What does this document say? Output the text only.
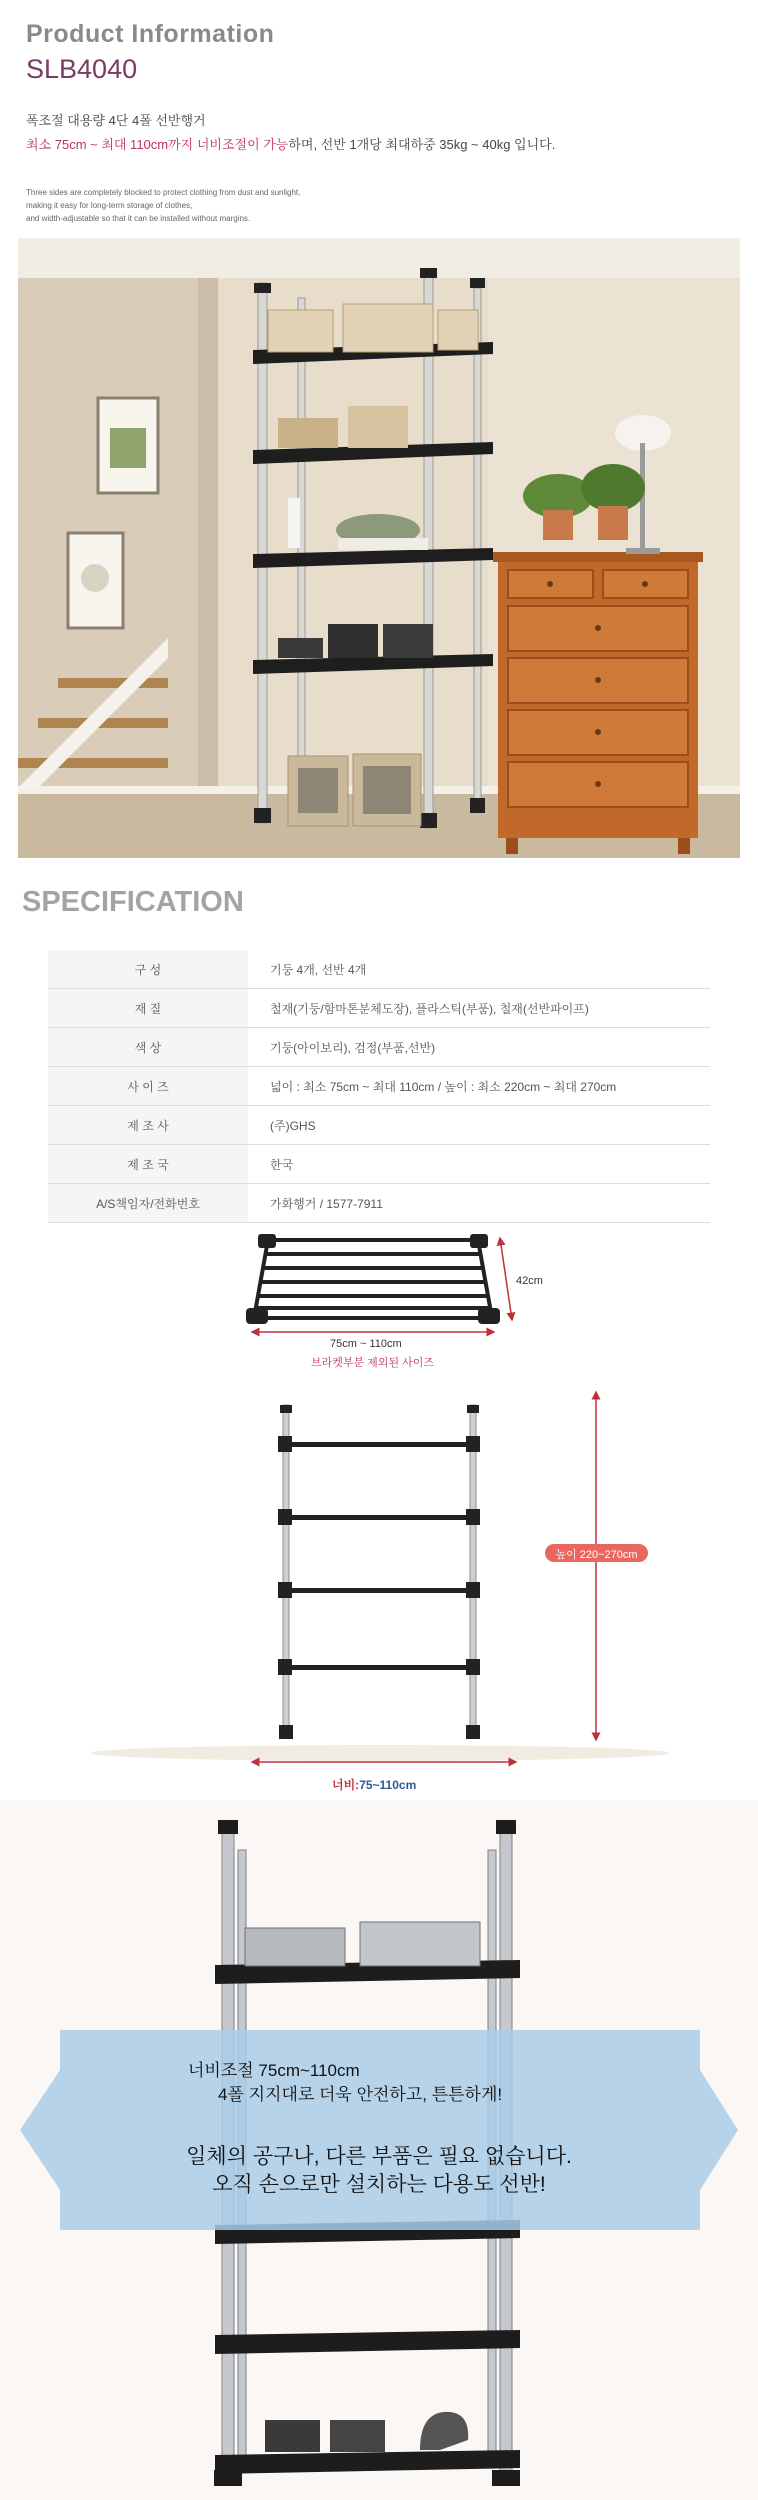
Product Information
SLB4040
폭조절 대용량 4단 4폴 선반행거
최소 75cm ~ 최대 110cm까지 너비조절이 가능하며, 선반 1개당 최대하중 35kg ~ 40kg 입니다.
Three sides are completely blocked to protect clothing from dust and sunlight,
making it easy for long-term storage of clothes,
and width-adjustable so that it can be installed without margins.
SPECIFICATION
구 성	기둥 4개, 선반 4개
재 질	철재(기둥/함마톤분체도장), 플라스틱(부품), 철재(선반파이프)
색 상	기둥(아이보리), 검정(부품,선반)
사 이 즈	넓이 : 최소 75cm ~ 최대 110cm / 높이 : 최소 220cm ~ 최대 270cm
제 조 사	(주)GHS
제 조 국	한국
A/S책임자/전화번호	가화행거 / 1577-7911
42cm
75cm ~ 110cm
브라켓부분 제외된 사이즈
높이 220~270cm
너비:75~110cm
너비조절 75cm~110cm
4폴 지지대로 더욱 안전하고, 튼튼하게!
일체의 공구나, 다른 부품은 필요 없습니다.
오직 손으로만 설치하는 다용도 선반!
